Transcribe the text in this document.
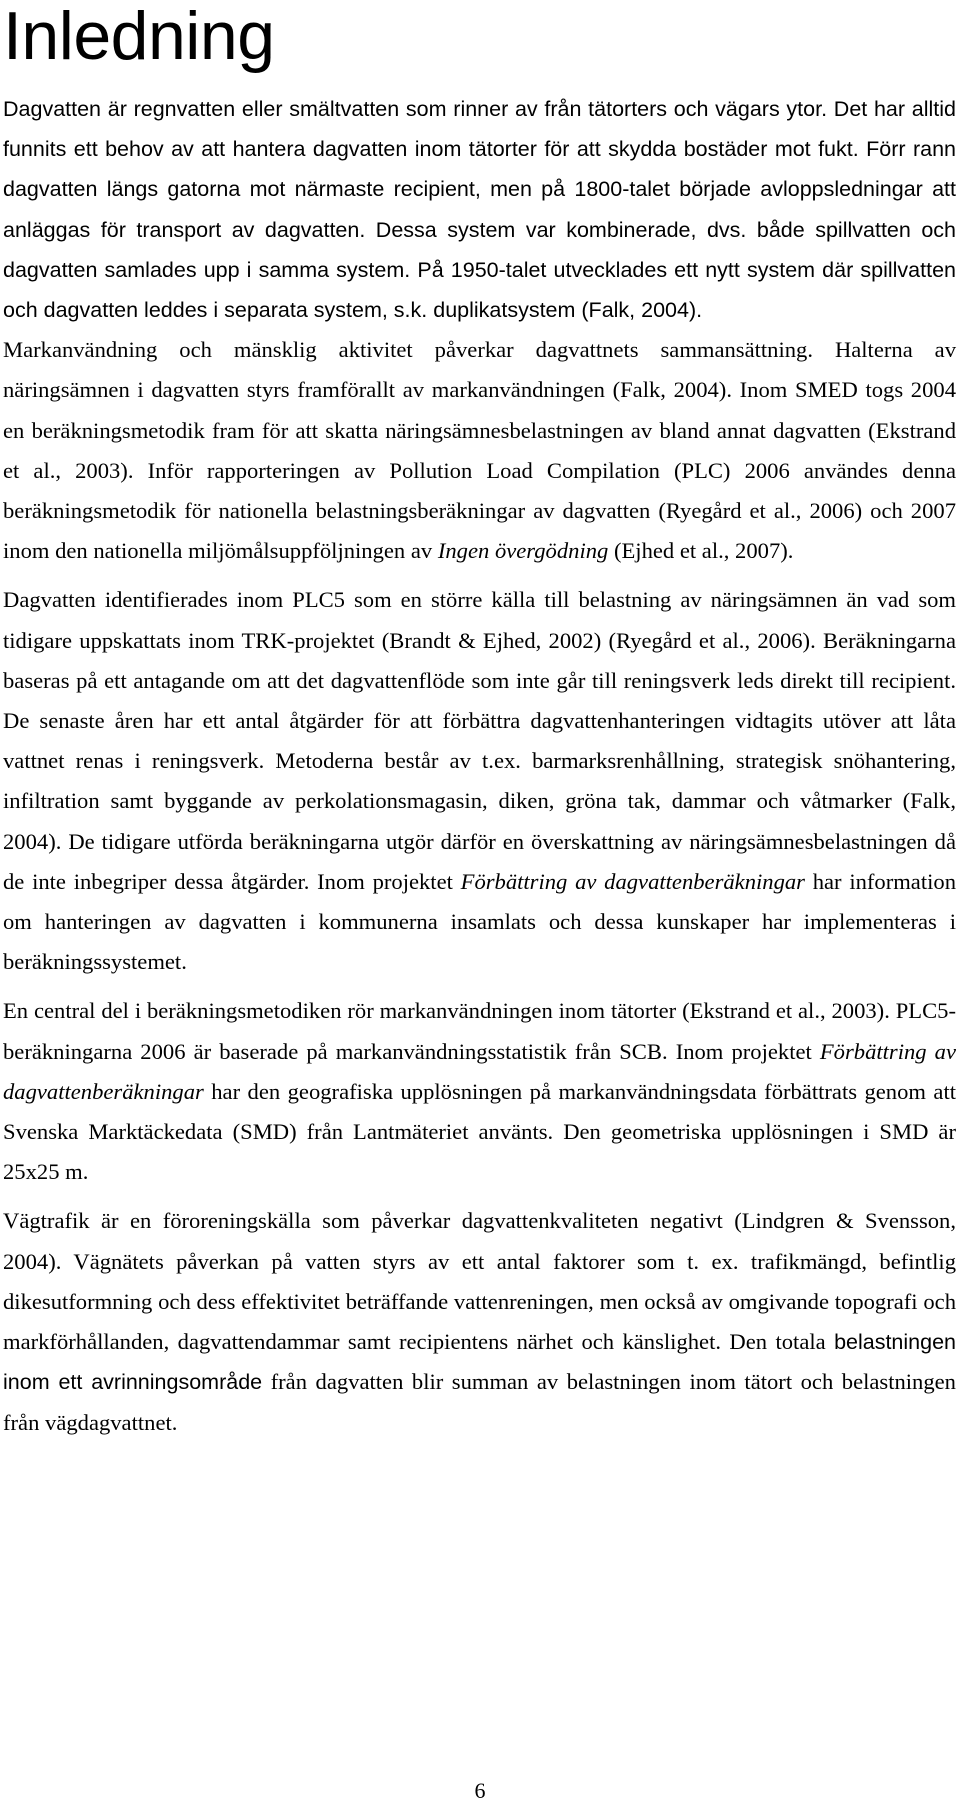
Inledning

Dagvatten är regnvatten eller smältvatten som rinner av från tätorters och vägars ytor. Det har alltid funnits ett behov av att hantera dagvatten inom tätorter för att skydda bostäder mot fukt. Förr rann dagvatten längs gatorna mot närmaste recipient, men på 1800-talet började avloppsledningar att anläggas för transport av dagvatten. Dessa system var kombinerade, dvs. både spillvatten och dagvatten samlades upp i samma system. På 1950-talet utvecklades ett nytt system där spillvatten och dagvatten leddes i separata system, s.k. duplikatsystem (Falk, 2004).

Markanvändning och mänsklig aktivitet påverkar dagvattnets sammansättning. Halterna av näringsämnen i dagvatten styrs framförallt av markanvändningen (Falk, 2004). Inom SMED togs 2004 en beräkningsmetodik fram för att skatta näringsämnesbelastningen av bland annat dagvatten (Ekstrand et al., 2003). Inför rapporteringen av Pollution Load Compilation (PLC) 2006 användes denna beräkningsmetodik för nationella belastningsberäkningar av dagvatten (Ryegård et al., 2006) och 2007 inom den nationella miljömålsuppföljningen av Ingen övergödning (Ejhed et al., 2007).

Dagvatten identifierades inom PLC5 som en större källa till belastning av näringsämnen än vad som tidigare uppskattats inom TRK-projektet (Brandt & Ejhed, 2002) (Ryegård et al., 2006). Beräkningarna baseras på ett antagande om att det dagvattenflöde som inte går till reningsverk leds direkt till recipient. De senaste åren har ett antal åtgärder för att förbättra dagvattenhanteringen vidtagits utöver att låta vattnet renas i reningsverk. Metoderna består av t.ex. barmarksrenhållning, strategisk snöhantering, infiltration samt byggande av perkolationsmagasin, diken, gröna tak, dammar och våtmarker (Falk, 2004). De tidigare utförda beräkningarna utgör därför en överskattning av näringsämnesbelastningen då de inte inbegriper dessa åtgärder. Inom projektet Förbättring av dagvattenberäkningar har information om hanteringen av dagvatten i kommunerna insamlats och dessa kunskaper har implementeras i beräkningssystemet.

En central del i beräkningsmetodiken rör markanvändningen inom tätorter (Ekstrand et al., 2003). PLC5-beräkningarna 2006 är baserade på markanvändningsstatistik från SCB. Inom projektet Förbättring av dagvattenberäkningar har den geografiska upplösningen på markanvändningsdata förbättrats genom att Svenska Marktäckedata (SMD) från Lantmäteriet använts. Den geometriska upplösningen i SMD är 25x25 m.

Vägtrafik är en föroreningskälla som påverkar dagvattenkvaliteten negativt (Lindgren & Svensson, 2004). Vägnätets påverkan på vatten styrs av ett antal faktorer som t. ex. trafikmängd, befintlig dikesutformning och dess effektivitet beträffande vattenreningen, men också av omgivande topografi och markförhållanden, dagvattendammar samt recipientens närhet och känslighet. Den totala belastningen inom ett avrinningsområde från dagvatten blir summan av belastningen inom tätort och belastningen från vägdagvattnet.

6
